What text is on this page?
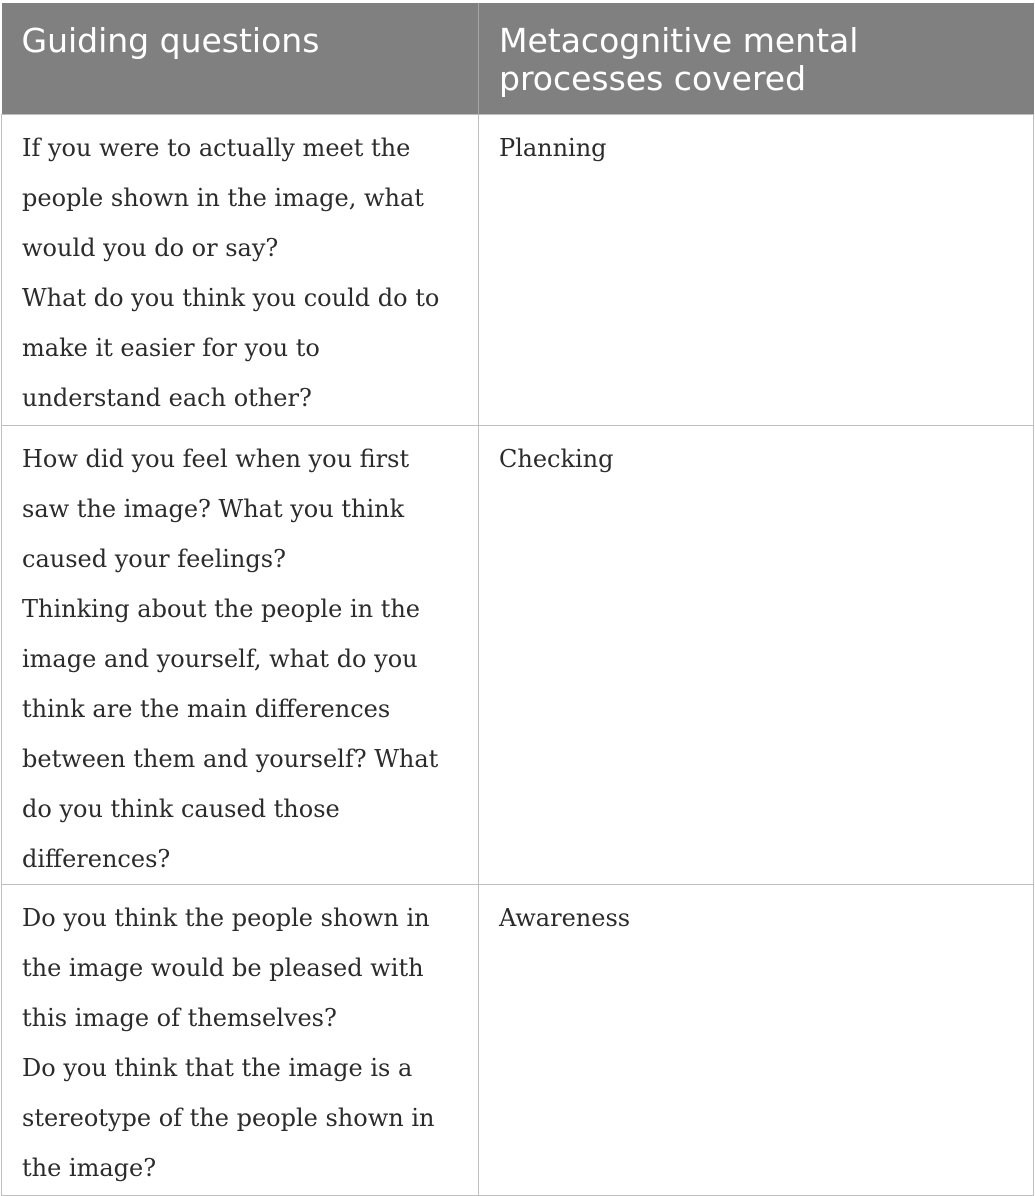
Guiding questions	Metacognitive mental processes covered

If you were to actually meet the people shown in the image, what would you do or say?
What do you think you could do to make it easier for you to understand each other?	Planning

How did you feel when you first saw the image? What you think caused your feelings?
Thinking about the people in the image and yourself, what do you think are the main differences between them and yourself? What do you think caused those differences?	Checking

Do you think the people shown in the image would be pleased with this image of themselves?
Do you think that the image is a stereotype of the people shown in the image?	Awareness
